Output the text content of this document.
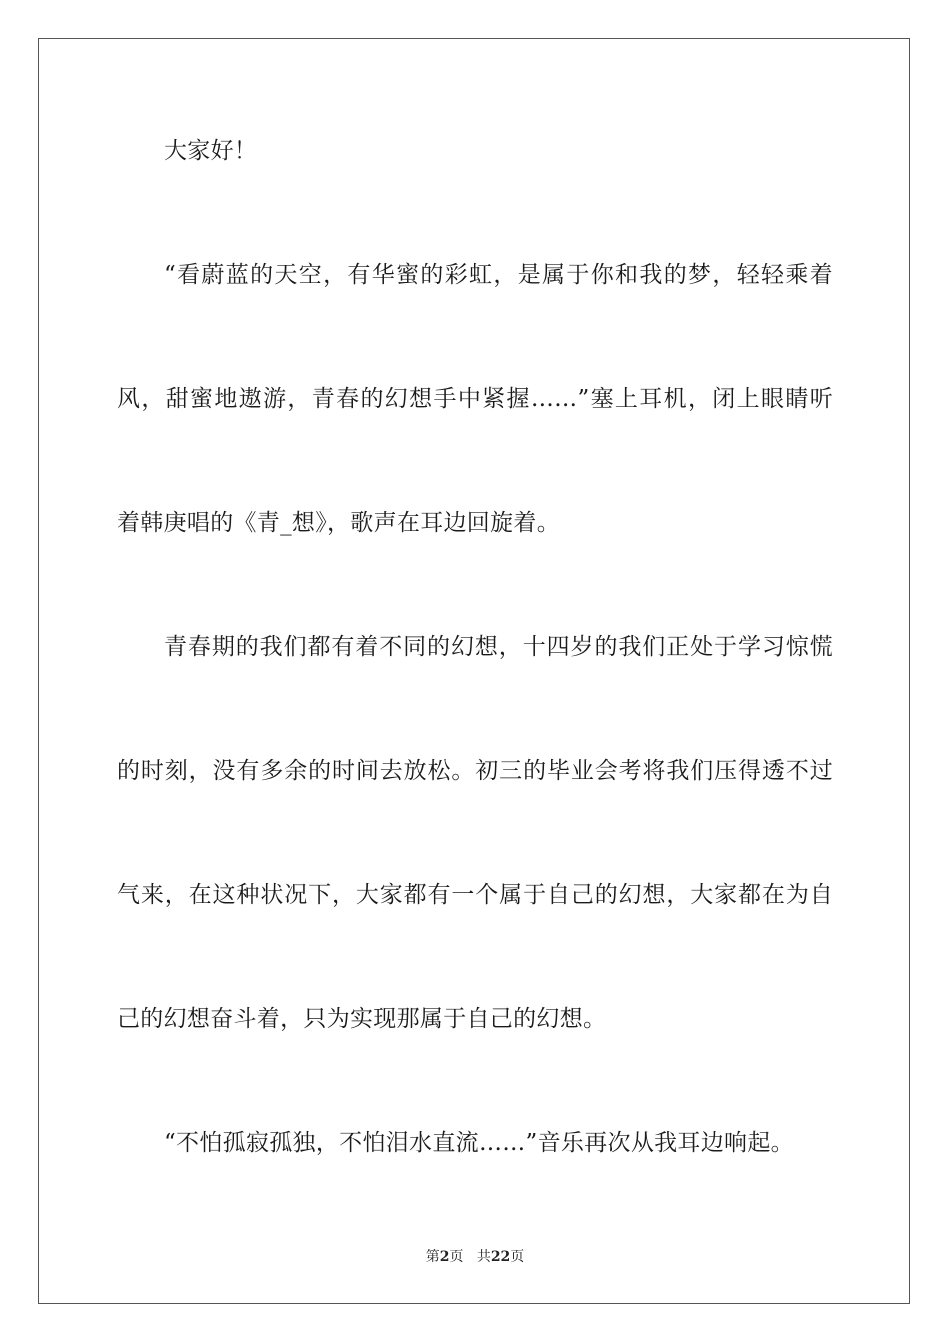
大家好！
“看蔚蓝的天空，有华蜜的彩虹，是属于你和我的梦，轻轻乘着
风，甜蜜地遨游，青春的幻想手中紧握……”塞上耳机，闭上眼睛听
着韩庚唱的《青_想》，歌声在耳边回旋着。
青春期的我们都有着不同的幻想，十四岁的我们正处于学习惊慌
的时刻，没有多余的时间去放松。初三的毕业会考将我们压得透不过
气来，在这种状况下，大家都有一个属于自己的幻想，大家都在为自
己的幻想奋斗着，只为实现那属于自己的幻想。
“不怕孤寂孤独，不怕泪水直流……”音乐再次从我耳边响起。
第2页 共22页
